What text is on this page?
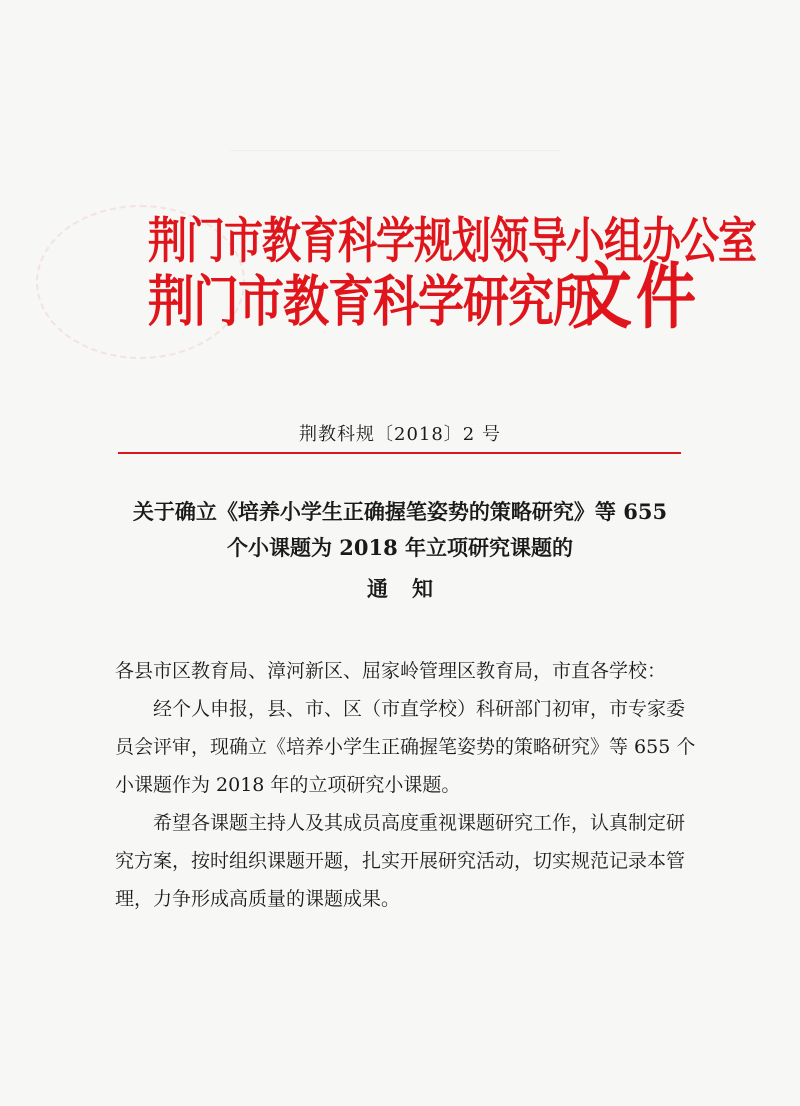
荆门市教育科学规划领导小组办公室
荆门市教育科学研究所
文件
荆教科规〔2018〕2 号
关于确立《培养小学生正确握笔姿势的策略研究》等 655
个小课题为 2018 年立项研究课题的
通知

各县市区教育局、漳河新区、屈家岭管理区教育局，市直各学校：

经个人申报，县、市、区（市直学校）科研部门初审，市专家委员会评审，现确立《培养小学生正确握笔姿势的策略研究》等 655 个小课题作为 2018 年的立项研究小课题。

希望各课题主持人及其成员高度重视课题研究工作，认真制定研究方案，按时组织课题开题，扎实开展研究活动，切实规范记录本管理，力争形成高质量的课题成果。
